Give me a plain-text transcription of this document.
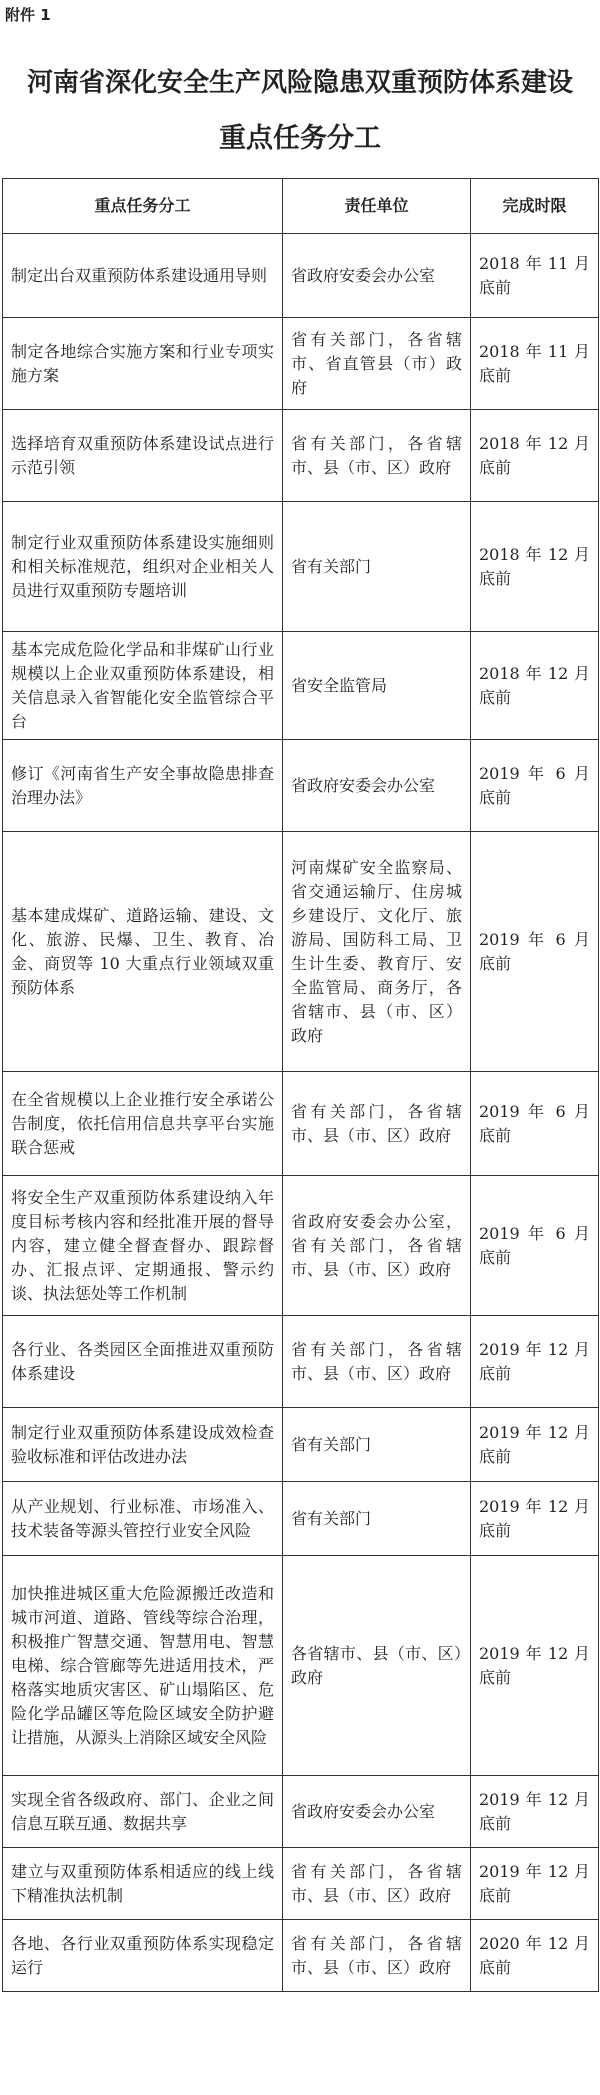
附件 1
河南省深化安全生产风险隐患双重预防体系建设
重点任务分工
重点任务分工	责任单位	完成时限
制定出台双重预防体系建设通用导则	省政府安委会办公室	2018 年 11 月底前
制定各地综合实施方案和行业专项实施方案	省有关部门，各省辖市、省直管县（市）政府	2018 年 11 月底前
选择培育双重预防体系建设试点进行示范引领	省有关部门，各省辖市、县（市、区）政府	2018 年 12 月底前
制定行业双重预防体系建设实施细则和相关标准规范，组织对企业相关人员进行双重预防专题培训	省有关部门	2018 年 12 月底前
基本完成危险化学品和非煤矿山行业规模以上企业双重预防体系建设，相关信息录入省智能化安全监管综合平台	省安全监管局	2018 年 12 月底前
修订《河南省生产安全事故隐患排查治理办法》	省政府安委会办公室	2019 年 6 月底前
基本建成煤矿、道路运输、建设、文化、旅游、民爆、卫生、教育、冶金、商贸等 10 大重点行业领域双重预防体系	河南煤矿安全监察局、省交通运输厅、住房城乡建设厅、文化厅、旅游局、国防科工局、卫生计生委、教育厅、安全监管局、商务厅，各省辖市、县（市、区）政府	2019 年 6 月底前
在全省规模以上企业推行安全承诺公告制度，依托信用信息共享平台实施联合惩戒	省有关部门，各省辖市、县（市、区）政府	2019 年 6 月底前
将安全生产双重预防体系建设纳入年度目标考核内容和经批准开展的督导内容，建立健全督查督办、跟踪督办、汇报点评、定期通报、警示约谈、执法惩处等工作机制	省政府安委会办公室，省有关部门，各省辖市、县（市、区）政府	2019 年 6 月底前
各行业、各类园区全面推进双重预防体系建设	省有关部门，各省辖市、县（市、区）政府	2019 年 12 月底前
制定行业双重预防体系建设成效检查验收标准和评估改进办法	省有关部门	2019 年 12 月底前
从产业规划、行业标准、市场准入、技术装备等源头管控行业安全风险	省有关部门	2019 年 12 月底前
加快推进城区重大危险源搬迁改造和城市河道、道路、管线等综合治理，积极推广智慧交通、智慧用电、智慧电梯、综合管廊等先进适用技术，严格落实地质灾害区、矿山塌陷区、危险化学品罐区等危险区域安全防护避让措施，从源头上消除区域安全风险	各省辖市、县（市、区）政府	2019 年 12 月底前
实现全省各级政府、部门、企业之间信息互联互通、数据共享	省政府安委会办公室	2019 年 12 月底前
建立与双重预防体系相适应的线上线下精准执法机制	省有关部门，各省辖市、县（市、区）政府	2019 年 12 月底前
各地、各行业双重预防体系实现稳定运行	省有关部门，各省辖市、县（市、区）政府	2020 年 12 月底前
